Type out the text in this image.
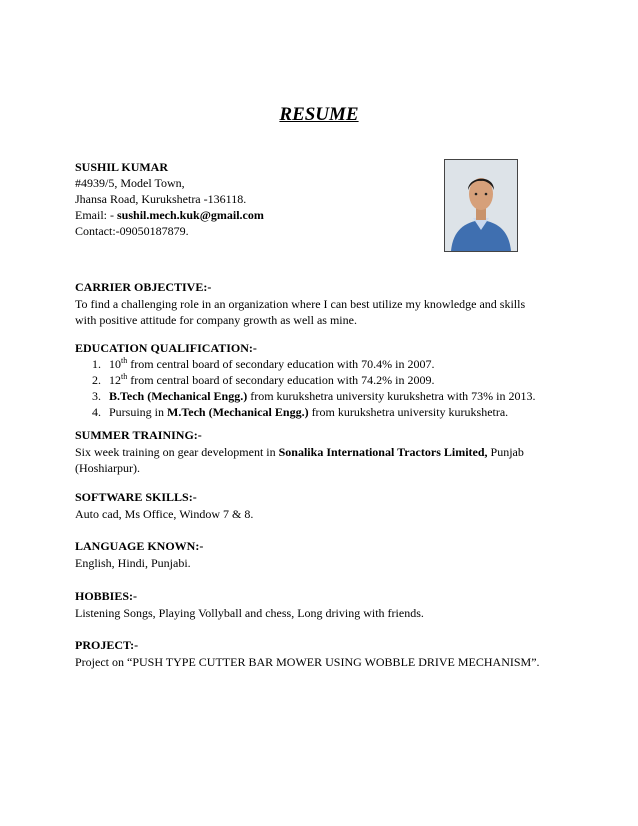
RESUME
SUSHIL KUMAR
#4939/5, Model Town,
Jhansa Road, Kurukshetra -136118.
Email: - sushil.mech.kuk@gmail.com
Contact:-09050187879.
CARRIER OBJECTIVE:-
To find a challenging role in an organization where I can best utilize my knowledge and skills
with positive attitude for company growth as well as mine.
EDUCATION QUALIFICATION:-
1. 10th from central board of secondary education with 70.4% in 2007.
2. 12th from central board of secondary education with 74.2% in 2009.
3. B.Tech (Mechanical Engg.) from kurukshetra university kurukshetra with 73% in 2013.
4. Pursuing in M.Tech (Mechanical Engg.) from kurukshetra university kurukshetra.
SUMMER TRAINING:-
Six week training on gear development in Sonalika International Tractors Limited, Punjab
(Hoshiarpur).
SOFTWARE SKILLS:-
Auto cad, Ms Office, Window 7 & 8.
LANGUAGE KNOWN:-
English, Hindi, Punjabi.
HOBBIES:-
Listening Songs, Playing Vollyball and chess, Long driving with friends.
PROJECT:-
Project on “PUSH TYPE CUTTER BAR MOWER USING WOBBLE DRIVE MECHANISM”.
